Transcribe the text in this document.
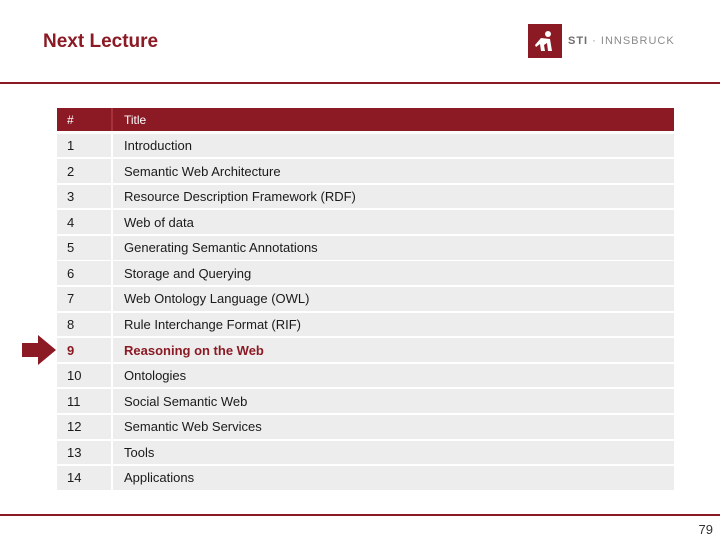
Next Lecture	STI · INNSBRUCK
#	Title
1	Introduction
2	Semantic Web Architecture
3	Resource Description Framework (RDF)
4	Web of data
5	Generating Semantic Annotations
6	Storage and Querying
7	Web Ontology Language (OWL)
8	Rule Interchange Format (RIF)
9	Reasoning on the Web
10	Ontologies
11	Social Semantic Web
12	Semantic Web Services
13	Tools
14	Applications
79
